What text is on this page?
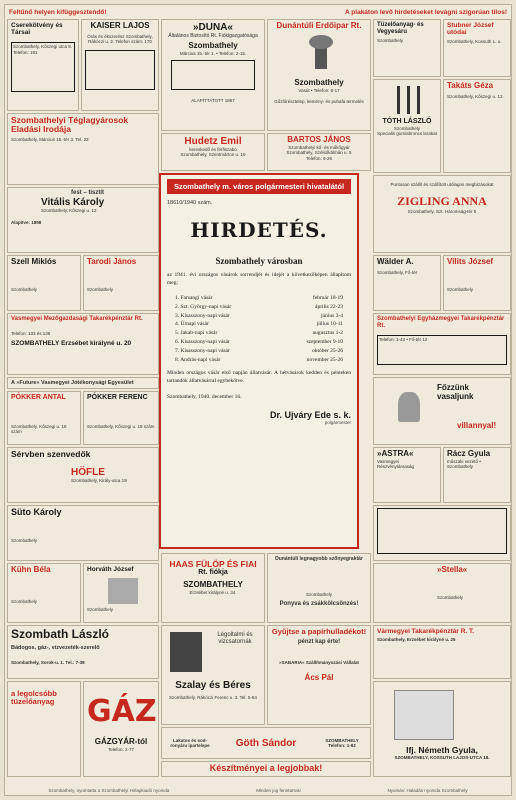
Feltűnő helyen kifüggesztendő!	A plakáton levő hirdetéseket levágni szigorúan tilos!
Cserekötvény és Társai
Szombathely, Kőszegi utca 8. Telefon: 191
KAISER LAJOS
Órás és ékszerész Szombathely, Rákóczi u. 2. Telefon szám: 170
»DUNA«
Általános Biztosító Rt. Fiókigazgatósága
Szombathely
Március 15.-tér 1. • Telefon: 2-15.
ALAPÍTTATOTT 1867
Dunántúli Erdőipar Rt.
Szombathely
Vasút • Telefon: 8-17
Gőzfűrésztelep, kemény- és puhafa termelés
Tüzelőanyag- és Vegyesáru
Szombathely
Stubner József utódai
Szombathely, Kossuth L. u.
Szombathelyi Téglagyárosok Eladási Irodája
Szombathely, Március 15.-tér 3. Tel. 22	Hudetz Emil
kereskedő és férfiszabó
Szombathely, Szentmárton u. 19
BARTOS JÁNOS
Szombathelyi kő- és műkőgyár
Szombathely, Szélsőkálmán u. 5
Telefon: 6-26
TÓTH LÁSZLÓ
Szombathely
Specialis gumiabroncs lerakat
Takáts Géza
Szombathely, Kőszegi u. 12.
fest – tisztít
Vitális Károly
Szombathely, Kőszegi u. 12
Alapítve: 1898
Pontosan szállít és szállított utólagos megbízásokat
ZIGLING ANNA
Szombathely, Szt. Háromság-tér 5
Szell Miklós
Szombathely
Tarodi János
Szombathely
Wälder A.
Szombathely, Fő-tér
Vilits József
Szombathely
Vasmegyei Mezőgazdasági Takarékpénztár Rt.
Telefon: 133 és 138
SZOMBATHELY Erzsébet királyné u. 20
Szombathelyi Egyházmegyei Takarékpénztár Rt.
Telefon: 1-43 • Fő-tér 12
A »Future« Vasmegyei Jótékonysági Egyesület
PÓKKER ANTAL
Szombathely, Kőszegi u. 18 szám
PÓKKER FERENC
Szombathely, Kőszegi u. 18 szám
Főzzünk vasaljunk
villannyal!
Sérvben szenvedők
HÖFLE
Szombathely, Király-utca 19
»ASTRA«
Vasmegyei Részvénytársaság
Rácz Gyula
műszaki vezető • Szombathely
Süto Károly
Szombathely
Kühn Béla
Szombathely
Horváth József
Szombathely
HAAS FÜLÖP ÉS FIAI
Rt. fiókja
SZOMBATHELY
Erzsébet királyné u. 34.
Dunántúli legnagyobb szőnyegraktár
Szombathely
Ponyva és zsákkölcsönzés!
»Stella«
Szombathely
Szombath László
Bádogos, gáz-, vízvezeték-szerelő
Szombathely, Sorok-u. 1. Tel.: 7-38
Légoltalmi és vizcsatornák
Szalay és Béres
Szombathely, Rákóczi Ferenc u. 3. Tel. 5-84
Gyűjtse a papírhulladékot!
pénzt kap érte!
»SABARIA« Szállítmányozási Vállalat
Ács Pál
Vármegyei Takarékpénztár R. T.
Szombathely, Erzsébet királyné u. 25
a legolcsóbb tüzelőanyag	GÁZ
GÁZGYÁR-tól
Telefon: 2-77
Lakatos és sod-ronyáru ipartelepe	Göth Sándor	SZOMBATHELY Telefon: 1-92
Készítményei a legjobbak!
Ifj. Németh Gyula,
SZOMBATHELY, KOSSUTH LAJOS-UTCA 18.
Szombathely m. város polgármesteri hivatalától
18610/1940 szám.
HIRDETÉS.
Szombathely városban

az 1941. évi országos vásárok sorrendjét és idejét a következőképen állapítom meg:

1. Farsangi vásár	február 18-19
2. Szt. György-napi vásár	április 22-23
3. Kisasszony-napi vásár	június 3-4
4. Úrnapi vásár	július 10-11
5. Jakab-napi vásár	augusztus 1-2
6. Kisasszony-napi vásár	szeptember 9-10
7. Kisasszony-napi vásár	október 25-26
8. András-napi vásár	november 25-26

Minden országos vásár első napján állatvásár. A hétvásárok kedden és pénteken tartandók állatvásárral egybekötve.

Szombathely, 1940. december 16.

Dr. Ujváry Ede s. k.
polgármester
Szombathely, nyomtatta a Szombathelyi Hirlapkiadó nyomda	Minden jog fenntartva!	Nyomás: Haladás nyomda Szombathely
